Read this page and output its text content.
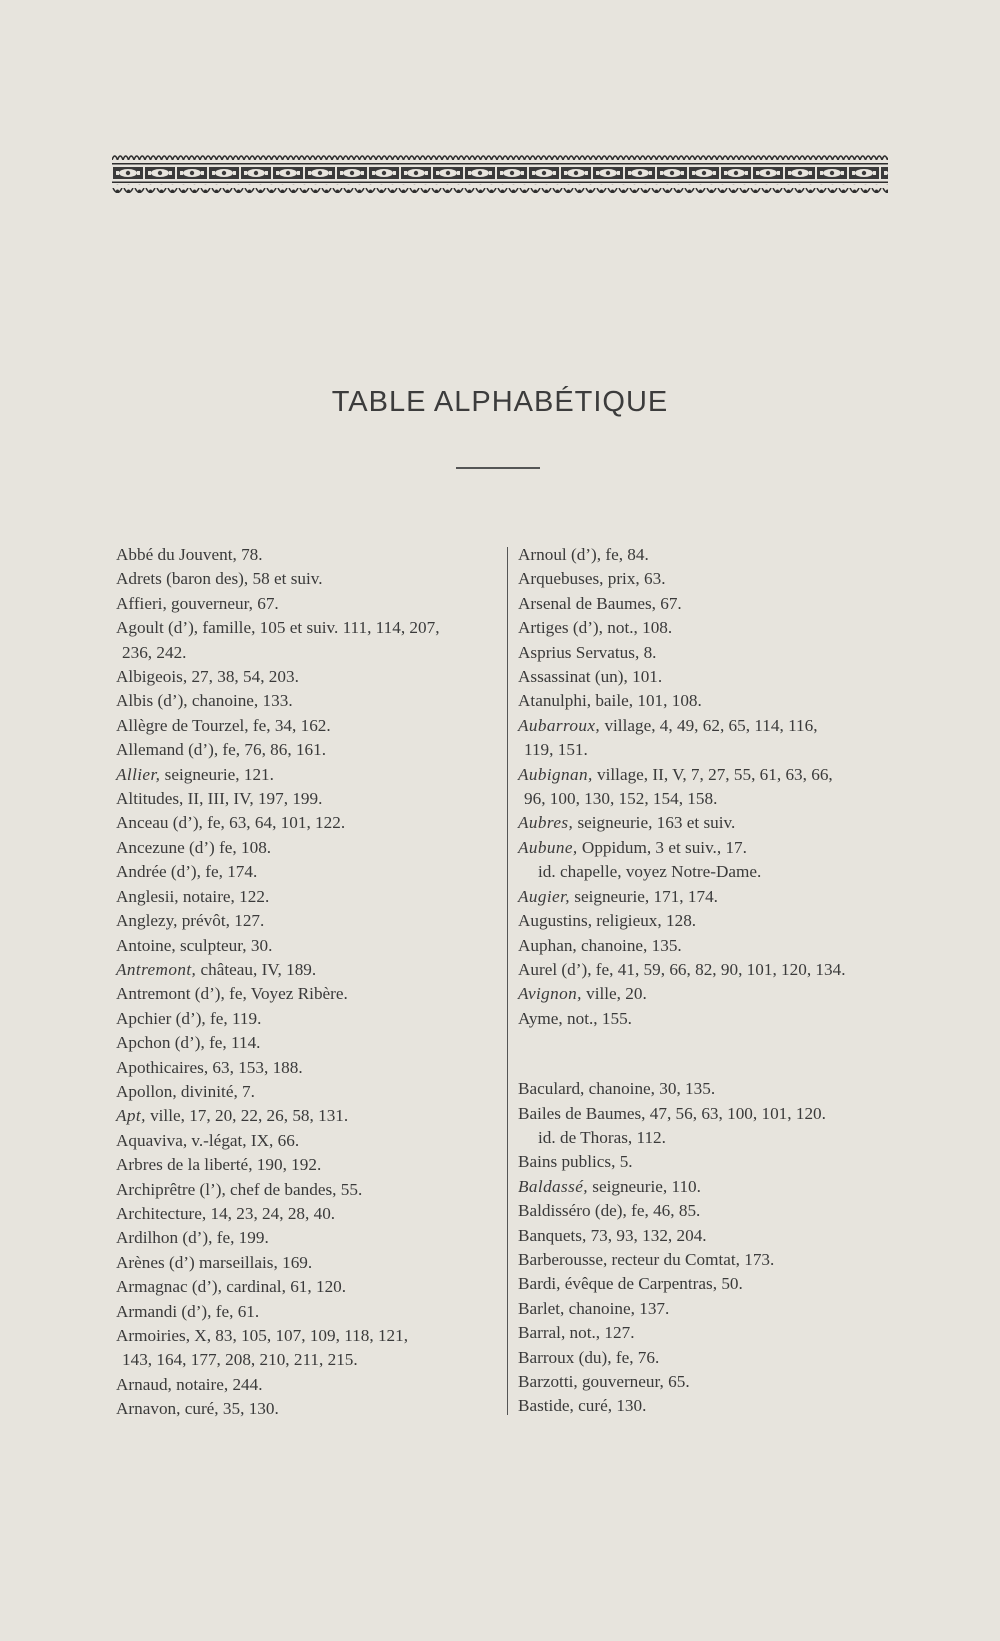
TABLE ALPHABÉTIQUE
Abbé du Jouvent, 78.
Adrets (baron des), 58 et suiv.
Affieri, gouverneur, 67.
Agoult (d’), famille, 105 et suiv. 111, 114, 207,
236, 242.
Albigeois, 27, 38, 54, 203.
Albis (d’), chanoine, 133.
Allègre de Tourzel, fe, 34, 162.
Allemand (d’), fe, 76, 86, 161.
Allier, seigneurie, 121.
Altitudes, II, III, IV, 197, 199.
Anceau (d’), fe, 63, 64, 101, 122.
Ancezune (d’) fe, 108.
Andrée (d’), fe, 174.
Anglesii, notaire, 122.
Anglezy, prévôt, 127.
Antoine, sculpteur, 30.
Antremont, château, IV, 189.
Antremont (d’), fe, Voyez Ribère.
Apchier (d’), fe, 119.
Apchon (d’), fe, 114.
Apothicaires, 63, 153, 188.
Apollon, divinité, 7.
Apt, ville, 17, 20, 22, 26, 58, 131.
Aquaviva, v.-légat, IX, 66.
Arbres de la liberté, 190, 192.
Archiprêtre (l’), chef de bandes, 55.
Architecture, 14, 23, 24, 28, 40.
Ardilhon (d’), fe, 199.
Arènes (d’) marseillais, 169.
Armagnac (d’), cardinal, 61, 120.
Armandi (d’), fe, 61.
Armoiries, X, 83, 105, 107, 109, 118, 121,
143, 164, 177, 208, 210, 211, 215.
Arnaud, notaire, 244.
Arnavon, curé, 35, 130.
Arnoul (d’), fe, 84.
Arquebuses, prix, 63.
Arsenal de Baumes, 67.
Artiges (d’), not., 108.
Asprius Servatus, 8.
Assassinat (un), 101.
Atanulphi, baile, 101, 108.
Aubarroux, village, 4, 49, 62, 65, 114, 116,
119, 151.
Aubignan, village, II, V, 7, 27, 55, 61, 63, 66,
96, 100, 130, 152, 154, 158.
Aubres, seigneurie, 163 et suiv.
Aubune, Oppidum, 3 et suiv., 17.
id. chapelle, voyez Notre-Dame.
Augier, seigneurie, 171, 174.
Augustins, religieux, 128.
Auphan, chanoine, 135.
Aurel (d’), fe, 41, 59, 66, 82, 90, 101, 120, 134.
Avignon, ville, 20.
Ayme, not., 155.
Baculard, chanoine, 30, 135.
Bailes de Baumes, 47, 56, 63, 100, 101, 120.
id. de Thoras, 112.
Bains publics, 5.
Baldassé, seigneurie, 110.
Baldisséro (de), fe, 46, 85.
Banquets, 73, 93, 132, 204.
Barberousse, recteur du Comtat, 173.
Bardi, évêque de Carpentras, 50.
Barlet, chanoine, 137.
Barral, not., 127.
Barroux (du), fe, 76.
Barzotti, gouverneur, 65.
Bastide, curé, 130.
